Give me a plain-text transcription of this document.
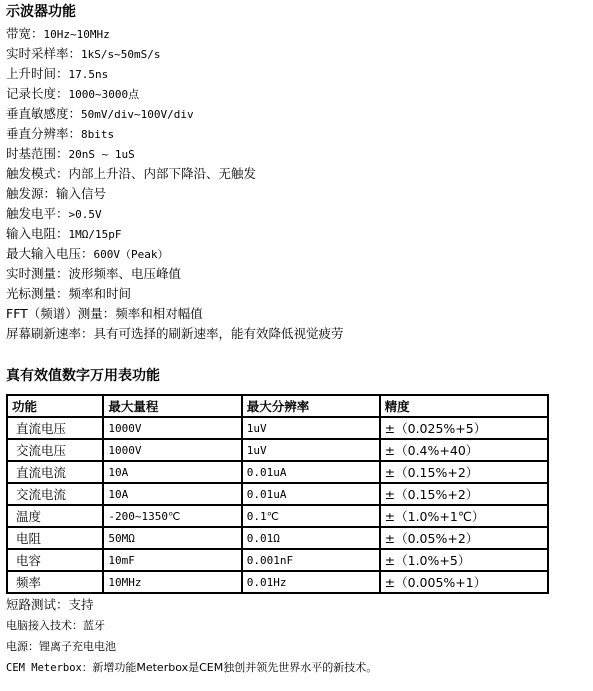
示波器功能
带宽：10Hz~10MHz
实时采样率：1kS/s~50mS/s
上升时间：17.5ns
记录长度：1000~3000点
垂直敏感度：50mV/div~100V/div
垂直分辨率：8bits
时基范围：20nS ~ 1uS
触发模式：内部上升沿、内部下降沿、无触发
触发源：输入信号
触发电平：>0.5V
输入电阻：1MΩ/15pF
最大输入电压：600V（Peak）
实时测量：波形频率、电压峰值
光标测量：频率和时间
FFT（频谱）测量：频率和相对幅值
屏幕刷新速率：具有可选择的刷新速率，能有效降低视觉疲劳
真有效值数字万用表功能
功能	最大量程	最大分辨率	精度
直流电压	1000V	1uV	±（0.025%+5）
交流电压	1000V	1uV	±（0.4%+40）
直流电流	10A	0.01uA	±（0.15%+2）
交流电流	10A	0.01uA	±（0.15%+2）
温度	-200~1350℃	0.1℃	±（1.0%+1℃）
电阻	50MΩ	0.01Ω	±（0.05%+2）
电容	10mF	0.001nF	±（1.0%+5）
频率	10MHz	0.01Hz	±（0.005%+1）
短路测试：支持
电脑接入技术：蓝牙
电源：锂离子充电电池
CEM Meterbox：新增功能Meterbox是CEM独创并领先世界水平的新技术。
